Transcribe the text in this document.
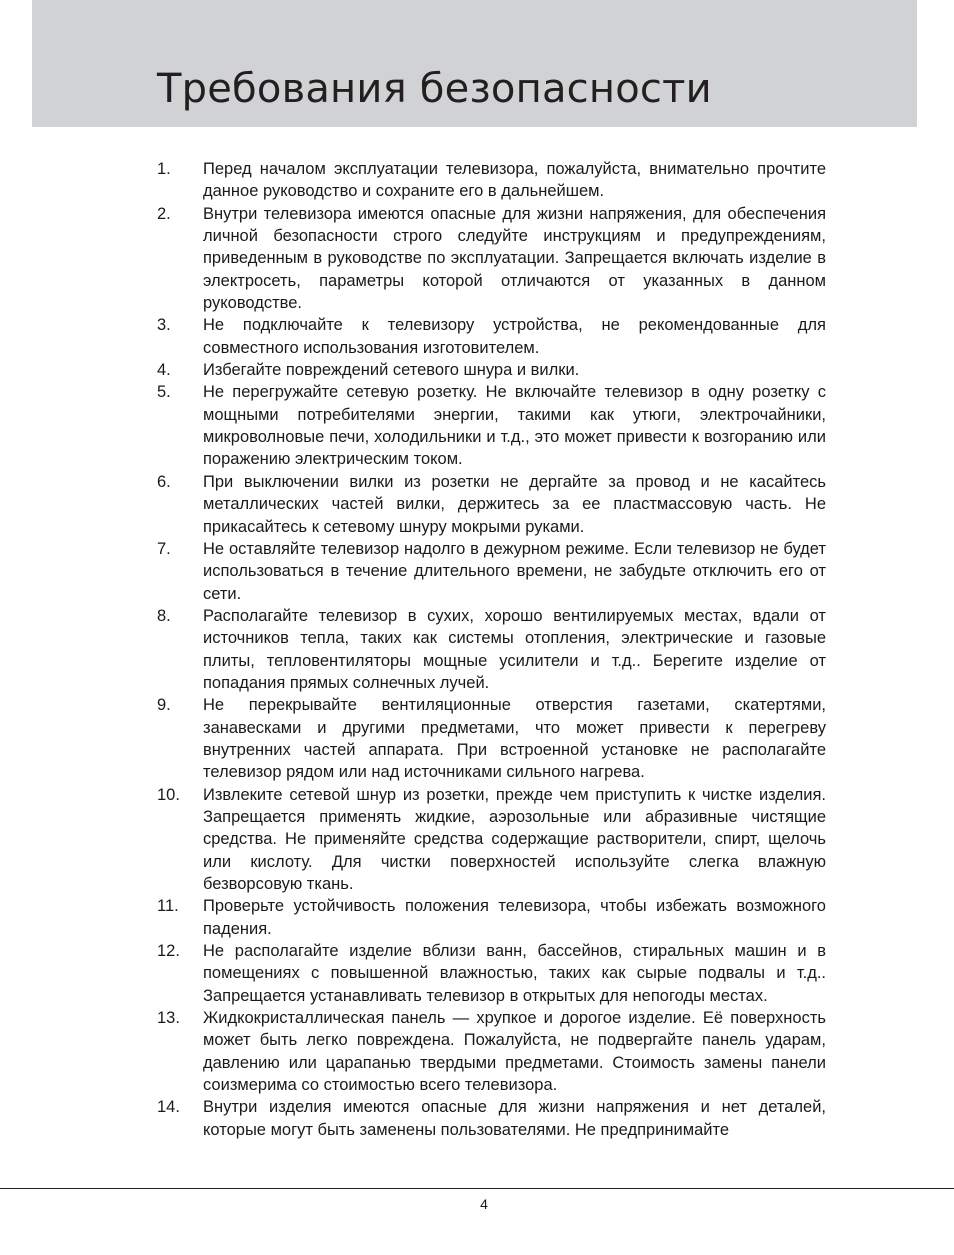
Требования безопасности
1.	Перед началом эксплуатации телевизора, пожалуйста, внимательно прочтите данное руководство и сохраните его в дальнейшем.
2.	Внутри телевизора имеются опасные для жизни напряжения, для обеспечения личной безопасности строго следуйте инструкциям и предупреждениям, приведенным в руководстве по эксплуатации. Запрещается включать изделие в электросеть, параметры которой отличаются от указанных в данном руководстве.
3.	Не подключайте к телевизору устройства, не рекомендованные для совместного использования изготовителем.
4.	Избегайте повреждений сетевого шнура и вилки.
5.	Не перегружайте сетевую розетку. Не включайте телевизор в одну розетку с мощными потребителями энергии, такими как утюги, электрочайники, микроволновые печи, холодильники и т.д., это может привести к возгоранию или поражению электрическим током.
6.	При выключении вилки из розетки не дергайте за провод и не касайтесь металлических частей вилки, держитесь за ее пластмассовую часть. Не прикасайтесь к сетевому шнуру мокрыми руками.
7.	Не оставляйте телевизор надолго в дежурном режиме. Если телевизор не будет использоваться в течение длительного времени, не забудьте отключить его от сети.
8.	Располагайте телевизор в сухих, хорошо вентилируемых местах, вдали от источников тепла, таких как системы отопления, электрические и газовые плиты, тепловентиляторы мощные усилители и т.д.. Берегите изделие от попадания прямых солнечных лучей.
9.	Не перекрывайте вентиляционные отверстия газетами, скатертями, занавесками и другими предметами, что может привести к перегреву внутренних частей аппарата. При встроенной установке не располагайте телевизор рядом или над источниками сильного нагрева.
10.	Извлеките сетевой шнур из розетки, прежде чем приступить к чистке изделия. Запрещается применять жидкие, аэрозольные или абразивные чистящие средства. Не применяйте средства содержащие растворители, спирт, щелочь или кислоту. Для чистки поверхностей используйте слегка влажную безворсовую ткань.
11.	Проверьте устойчивость положения телевизора, чтобы избежать возможного падения.
12.	Не располагайте изделие вблизи ванн, бассейнов, стиральных машин и в помещениях с повышенной влажностью, таких как сырые подвалы и т.д.. Запрещается устанавливать телевизор в открытых для непогоды местах.
13.	Жидкокристаллическая панель — хрупкое и дорогое изделие. Её поверхность может быть легко повреждена. Пожалуйста, не подвергайте панель ударам, давлению или царапанью твердыми предметами. Стоимость замены панели соизмерима со стоимостью всего телевизора.
14.	Внутри изделия имеются опасные для жизни напряжения и нет деталей, которые могут быть заменены пользователями. Не предпринимайте
4
